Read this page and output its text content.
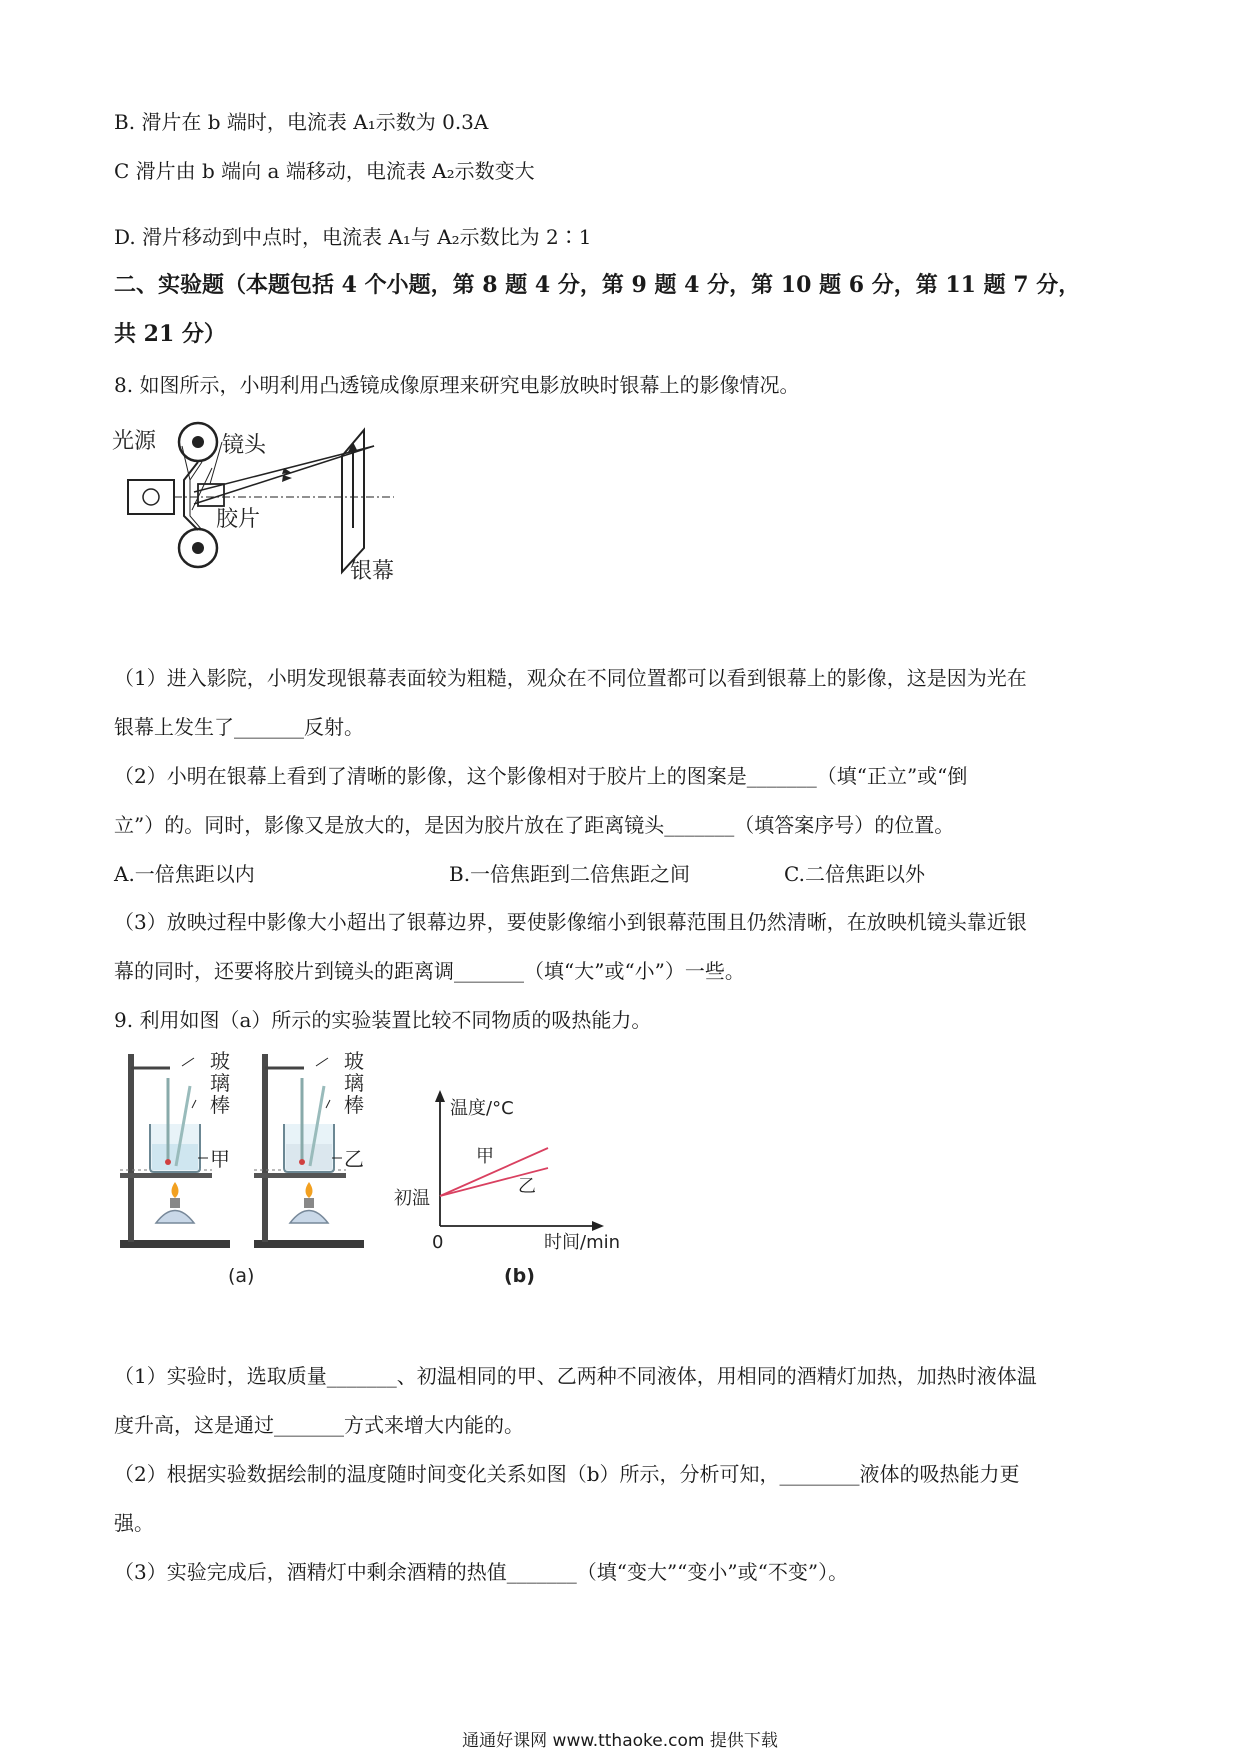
B. 滑片在 b 端时，电流表 A₁示数为 0.3A
C 滑片由 b 端向 a 端移动，电流表 A₂示数变大
D. 滑片移动到中点时，电流表 A₁与 A₂示数比为 2∶1
二、实验题（本题包括 4 个小题，第 8 题 4 分，第 9 题 4 分，第 10 题 6 分，第 11 题 7 分，
共 21 分）
8. 如图所示，小明利用凸透镜成像原理来研究电影放映时银幕上的影像情况。
光源	镜头
胶片
银幕
（1）进入影院，小明发现银幕表面较为粗糙，观众在不同位置都可以看到银幕上的影像，这是因为光在
银幕上发生了_______反射。
（2）小明在银幕上看到了清晰的影像，这个影像相对于胶片上的图案是_______（填“正立”或“倒
立”）的。同时，影像又是放大的，是因为胶片放在了距离镜头_______（填答案序号）的位置。
A.一倍焦距以内	B.一倍焦距到二倍焦距之间	C.二倍焦距以外
（3）放映过程中影像大小超出了银幕边界，要使影像缩小到银幕范围且仍然清晰，在放映机镜头靠近银
幕的同时，还要将胶片到镜头的距离调_______（填“大”或“小”）一些。
9. 利用如图（a）所示的实验装置比较不同物质的吸热能力。
玻
璃
棒
甲
玻
璃
棒
乙
(a)
温度/°C
时间/min
0
初温
甲
乙
(b)
（1）实验时，选取质量_______、初温相同的甲、乙两种不同液体，用相同的酒精灯加热，加热时液体温
度升高，这是通过_______方式来增大内能的。
（2）根据实验数据绘制的温度随时间变化关系如图（b）所示，分析可知，________液体的吸热能力更
强。
（3）实验完成后，酒精灯中剩余酒精的热值_______（填“变大”“变小”或“不变”）。
通通好课网 www.tthaoke.com 提供下载
